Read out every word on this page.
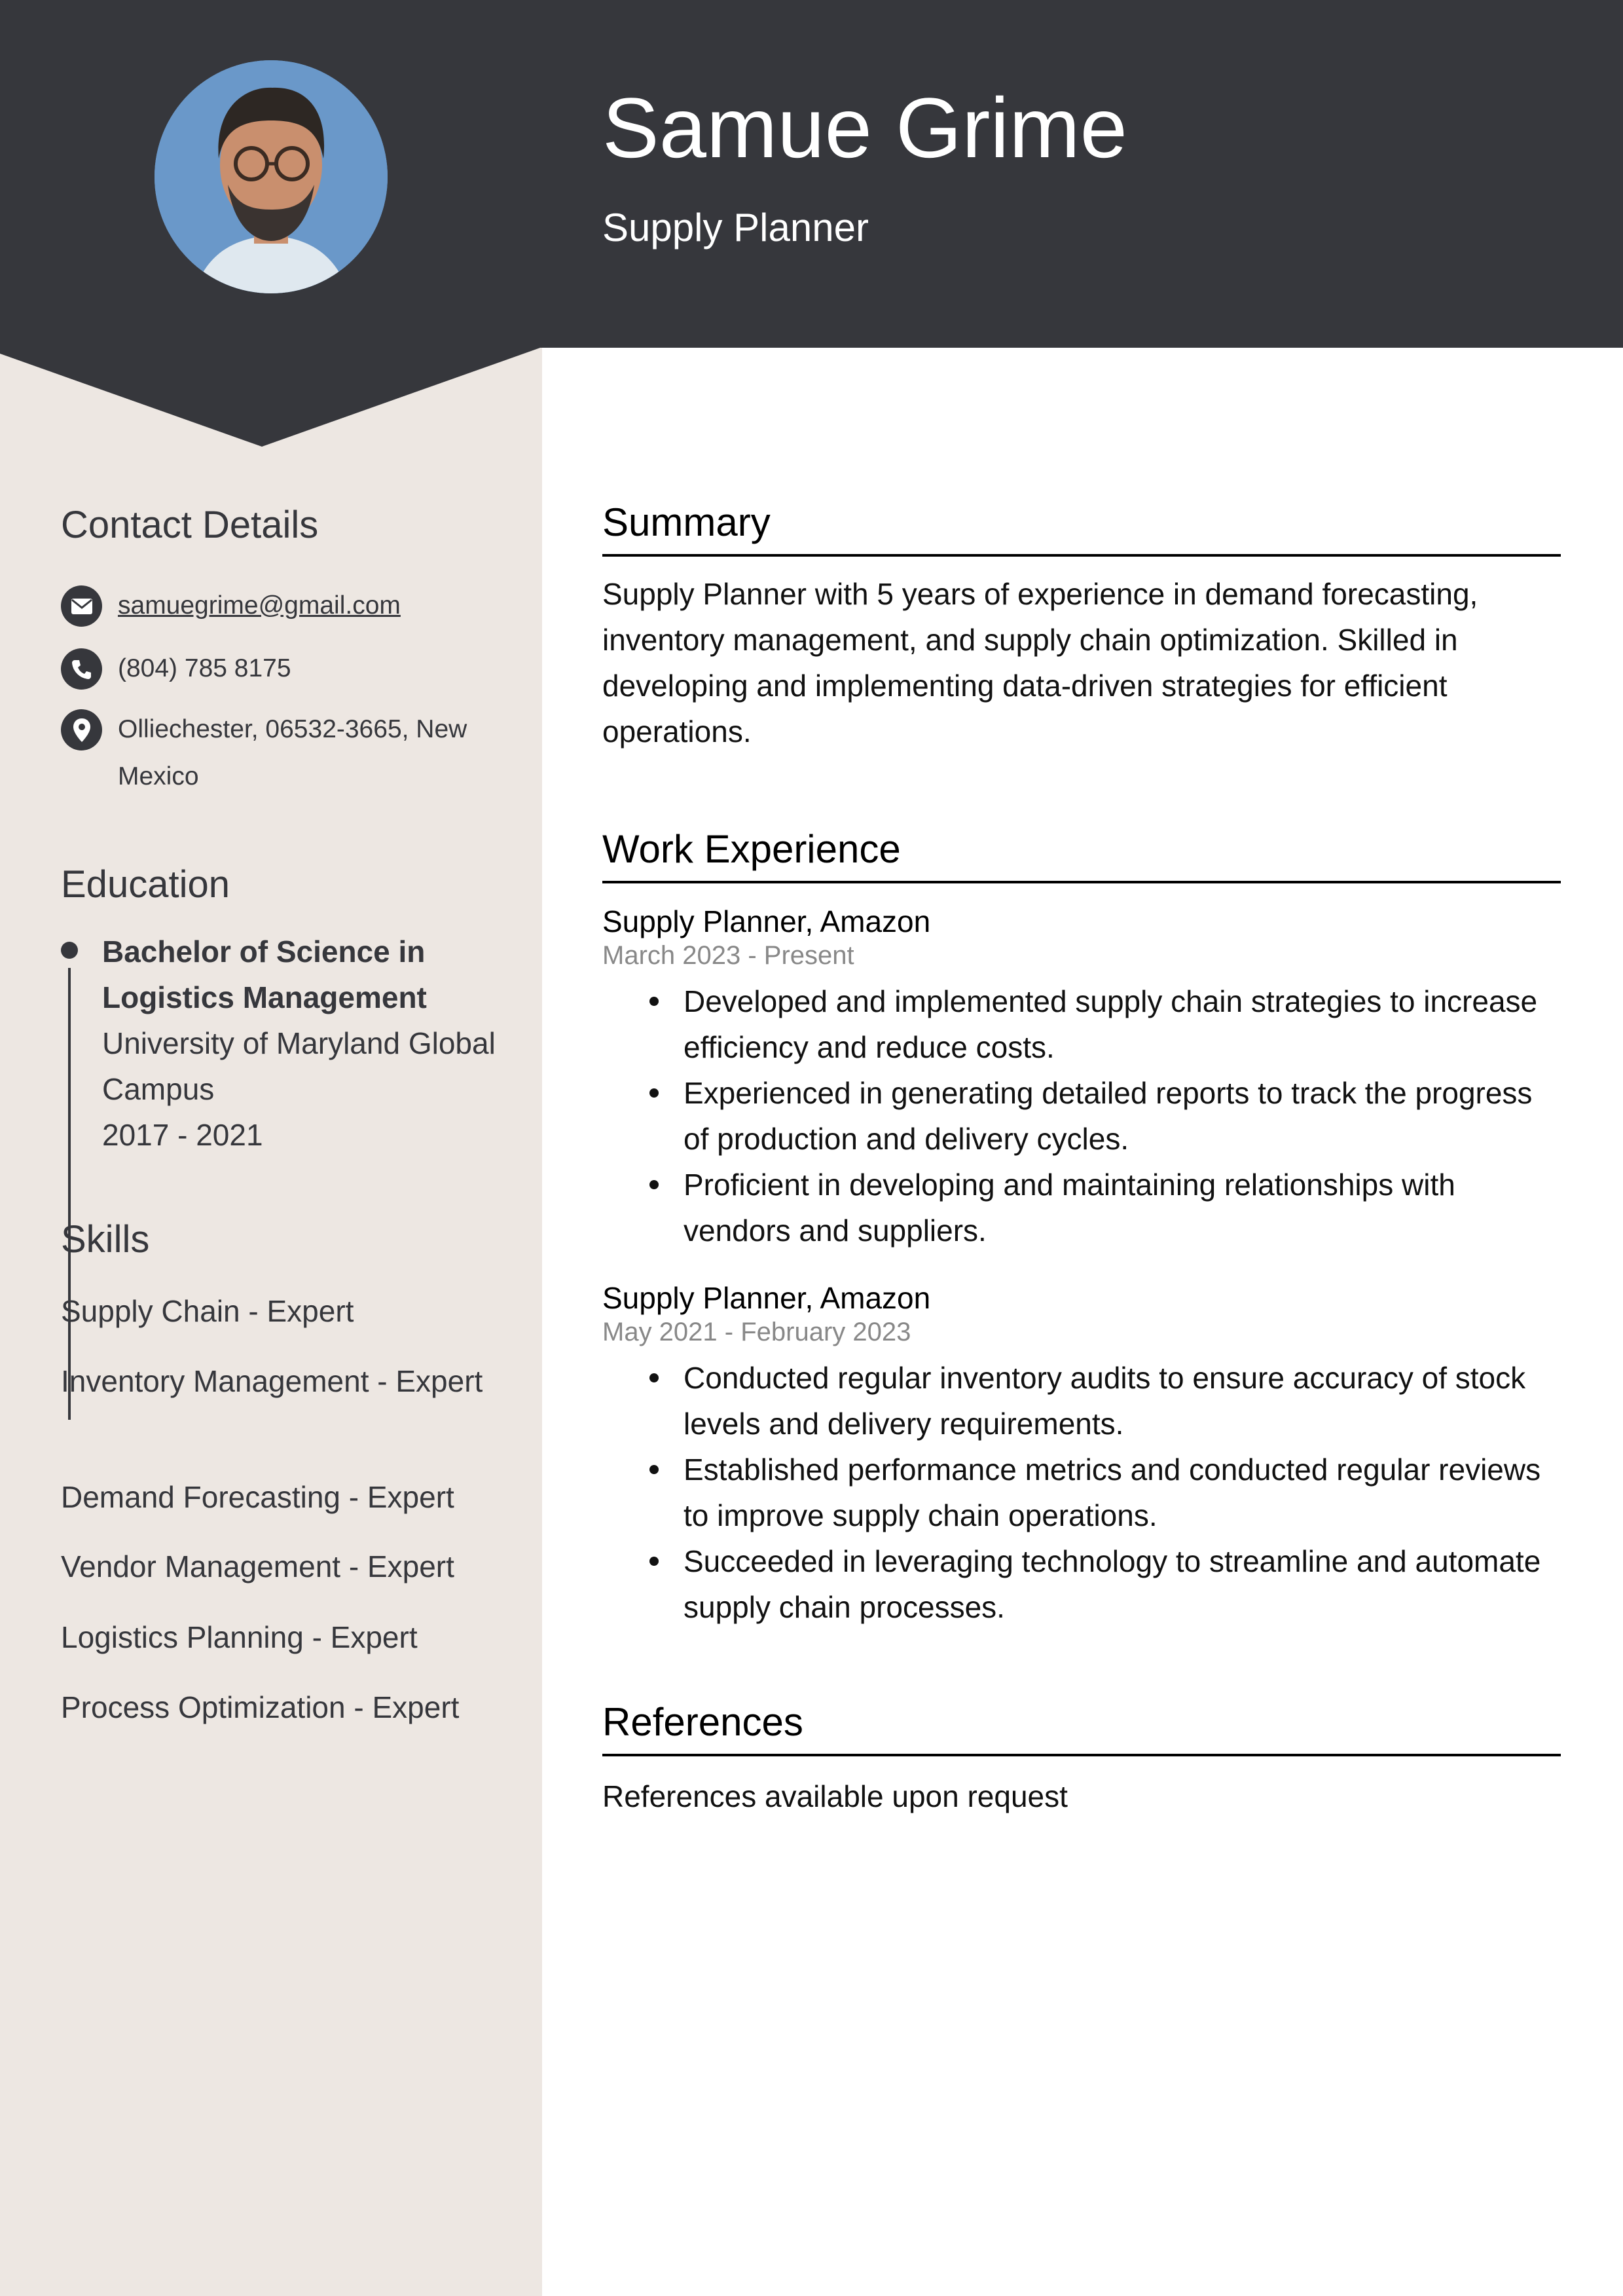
Samue Grime
Supply Planner
Contact Details
samuegrime@gmail.com
(804) 785 8175
Olliechester, 06532-3665, New Mexico
Education
Bachelor of Science in Logistics Management
University of Maryland Global Campus
2017 - 2021
Skills
Supply Chain - Expert
Inventory Management - Expert
Demand Forecasting - Expert
Vendor Management - Expert
Logistics Planning - Expert
Process Optimization - Expert
Summary
Supply Planner with 5 years of experience in demand forecasting, inventory management, and supply chain optimization. Skilled in developing and implementing data-driven strategies for efficient operations.
Work Experience
Supply Planner, Amazon
March 2023 - Present
Developed and implemented supply chain strategies to increase efficiency and reduce costs.
Experienced in generating detailed reports to track the progress of production and delivery cycles.
Proficient in developing and maintaining relationships with vendors and suppliers.
Supply Planner, Amazon
May 2021 - February 2023
Conducted regular inventory audits to ensure accuracy of stock levels and delivery requirements.
Established performance metrics and conducted regular reviews to improve supply chain operations.
Succeeded in leveraging technology to streamline and automate supply chain processes.
References
References available upon request
